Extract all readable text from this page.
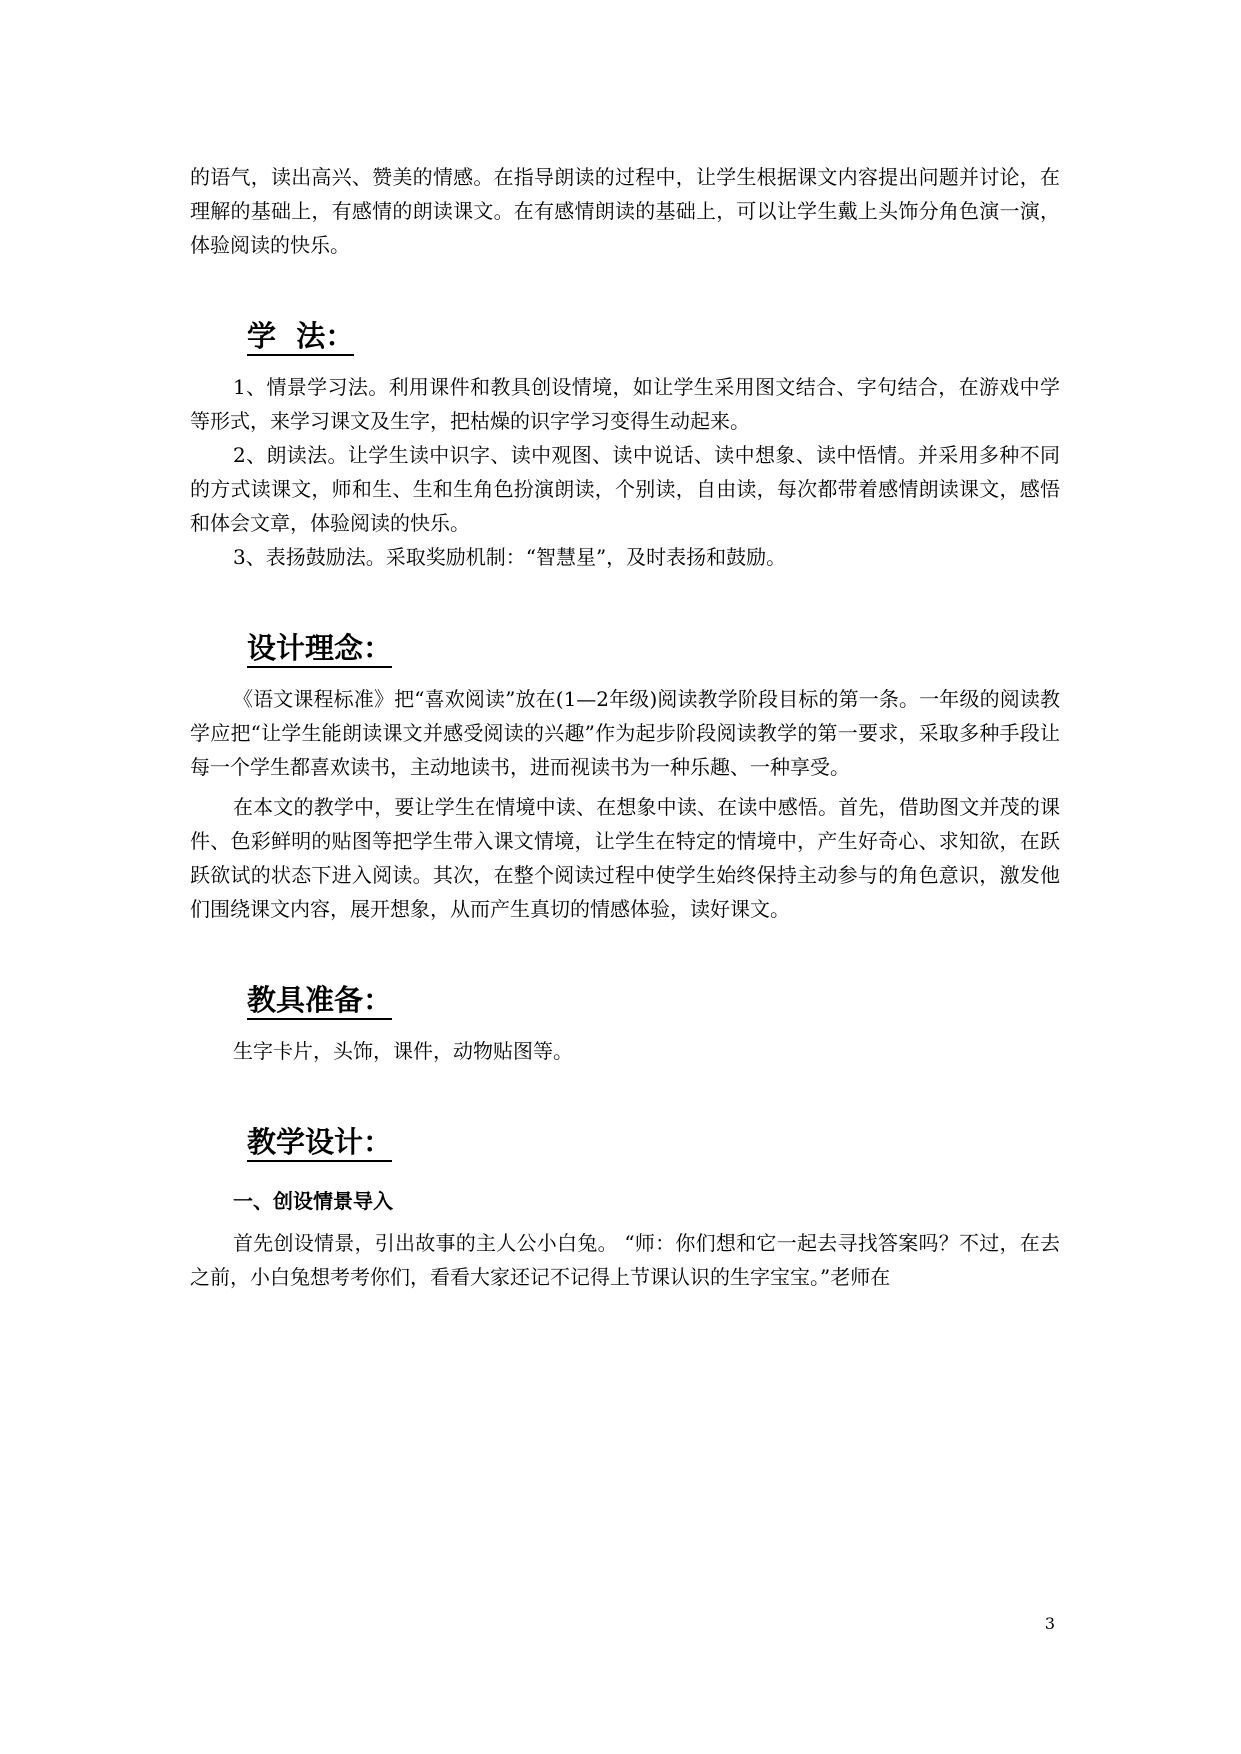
的语气，读出高兴、赞美的情感。在指导朗读的过程中，让学生根据课文内容提出问题并讨论，在理解的基础上，有感情的朗读课文。在有感情朗读的基础上，可以让学生戴上头饰分角色演一演，体验阅读的快乐。

学  法：

1、情景学习法。利用课件和教具创设情境，如让学生采用图文结合、字句结合，在游戏中学等形式，来学习课文及生字，把枯燥的识字学习变得生动起来。

2、朗读法。让学生读中识字、读中观图、读中说话、读中想象、读中悟情。并采用多种不同的方式读课文，师和生、生和生角色扮演朗读，个别读，自由读，每次都带着感情朗读课文，感悟和体会文章，体验阅读的快乐。

3、表扬鼓励法。采取奖励机制：“智慧星”，及时表扬和鼓励。

设计理念：

《语文课程标准》把“喜欢阅读”放在(1—2年级)阅读教学阶段目标的第一条。一年级的阅读教学应把“让学生能朗读课文并感受阅读的兴趣”作为起步阶段阅读教学的第一要求，采取多种手段让每一个学生都喜欢读书，主动地读书，进而视读书为一种乐趣、一种享受。

在本文的教学中，要让学生在情境中读、在想象中读、在读中感悟。首先，借助图文并茂的课件、色彩鲜明的贴图等把学生带入课文情境，让学生在特定的情境中，产生好奇心、求知欲，在跃跃欲试的状态下进入阅读。其次，在整个阅读过程中使学生始终保持主动参与的角色意识，激发他们围绕课文内容，展开想象，从而产生真切的情感体验，读好课文。

教具准备：

生字卡片，头饰，课件，动物贴图等。

教学设计：
一、创设情景导入

首先创设情景，引出故事的主人公小白兔。 “师：你们想和它一起去寻找答案吗？不过，在去之前，小白兔想考考你们，看看大家还记不记得上节课认识的生字宝宝。”老师在

3
